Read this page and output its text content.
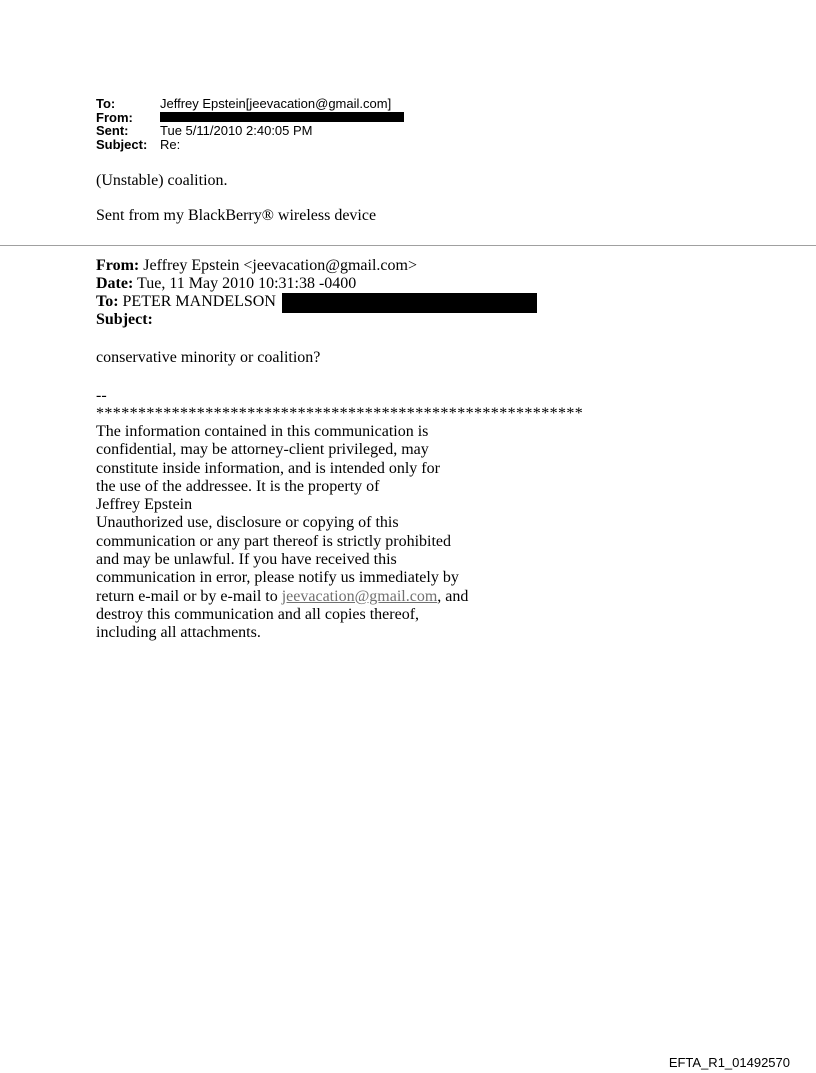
To:	Jeffrey Epstein[jeevacation@gmail.com]
From:
Sent:	Tue 5/11/2010 2:40:05 PM
Subject: Re:
(Unstable) coalition.
Sent from my BlackBerry® wireless device
From: Jeffrey Epstein <jeevacation@gmail.com>
Date: Tue, 11 May 2010 10:31:38 -0400
To: PETER MANDELSON
Subject:
conservative minority or coalition?
--
**********************************************************
The information contained in this communication is
confidential, may be attorney-client privileged, may
constitute inside information, and is intended only for
the use of the addressee. It is the property of
Jeffrey Epstein
Unauthorized use, disclosure or copying of this
communication or any part thereof is strictly prohibited
and may be unlawful. If you have received this
communication in error, please notify us immediately by
return e-mail or by e-mail to jeevacation@gmail.com, and
destroy this communication and all copies thereof,
including all attachments.
EFTA_R1_01492570
